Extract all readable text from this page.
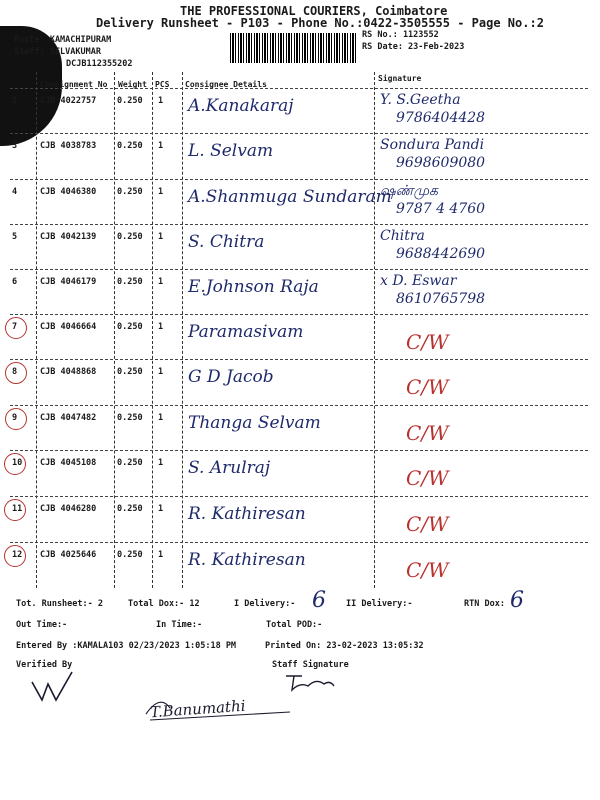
THE PROFESSIONAL COURIERS, Coimbatore
Delivery Runsheet - P103 - Phone No.:0422-3505555 - Page No.:2
Route: KAMACHIPURAM
Staff: SELVAKUMAR
DCJB112355202
RS No.: 1123552
RS Date: 23-Feb-2023
Consignment No Weight PCS Consignee Details
Signature
2	CJB 4022757 0.250 1 A.Kanakaraj	Y. S.Geetha
9786404428
3	CJB 4038783 0.250 1 L. Selvam	Sondura Pandi
9698609080
4	CJB 4046380 0.250 1 A.Shanmuga Sundaram
ஷண்முக
9787 4 4760
5	CJB 4042139 0.250 1 S. Chitra	Chitra
9688442690
6	CJB 4046179 0.250 1 E.Johnson Raja	x D. Eswar
8610765798
7	CJB 4046664 0.250 1 Paramasivam	C/W
8	CJB 4048868 0.250 1 G D Jacob	C/W
9	CJB 4047482 0.250 1 Thanga Selvam	C/W
10 CJB 4045108 0.250 1 S. Arulraj	C/W
11 CJB 4046280 0.250 1 R. Kathiresan	C/W
12 CJB 4025646 0.250 1 R. Kathiresan	C/W
Tot. Runsheet:- 2	Total Dox:- 12	I Delivery:- 6 II Delivery:-	RTN Dox: 6
Out Time:-	In Time:-	Total POD:-
Entered By :KAMALA103 02/23/2023 1:05:18 PM	Printed On: 23-02-2023 13:05:32
Verified By	Staff Signature
T.Banumathi
